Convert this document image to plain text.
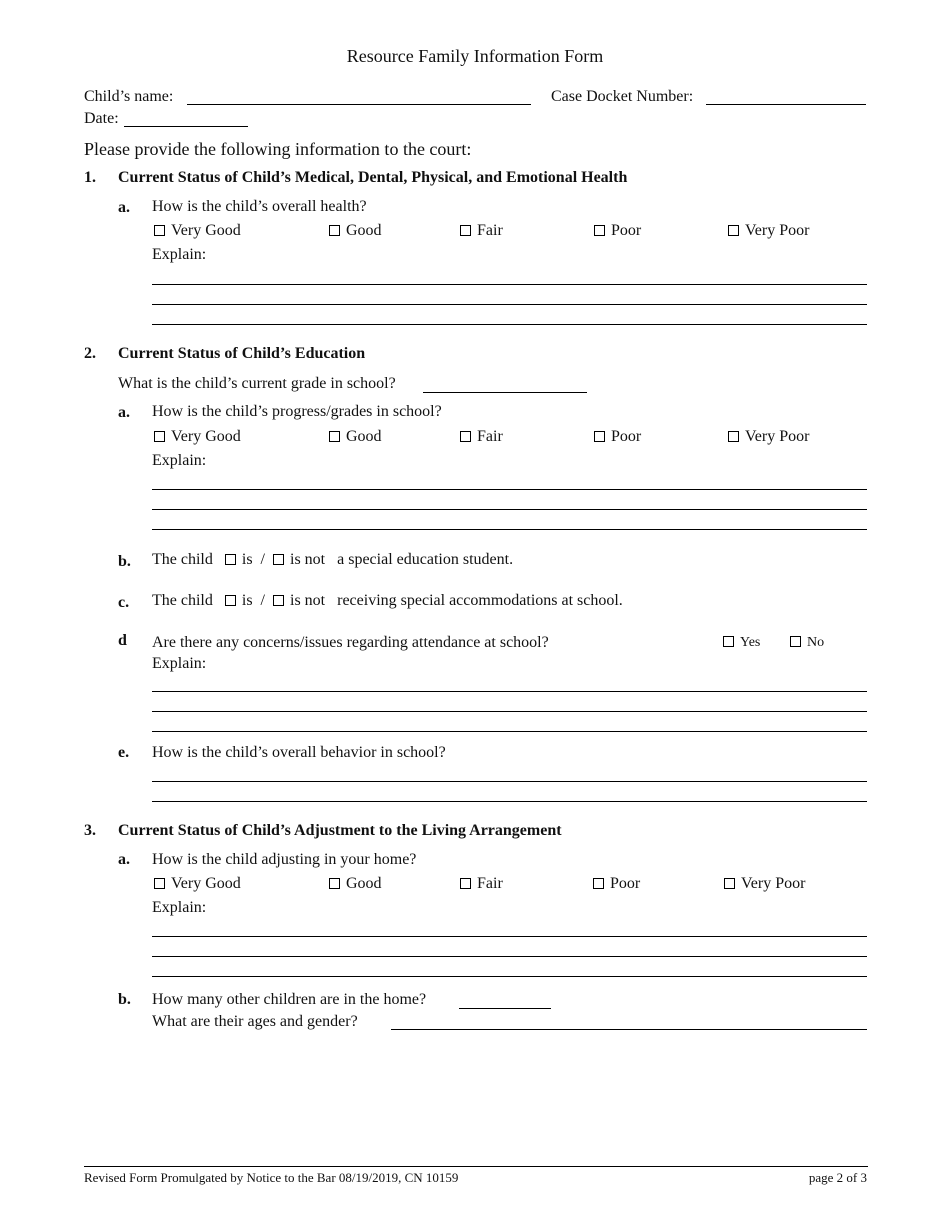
Resource Family Information Form
Child’s name:	Case Docket Number:
Date:
Please provide the following information to the court:
1. Current Status of Child’s Medical, Dental, Physical, and Emotional Health
a. How is the child’s overall health?
Very Good	Good	Fair	Poor	Very Poor
Explain:
2. Current Status of Child’s Education
What is the child’s current grade in school?
a. How is the child’s progress/grades in school?
Very Good	Good	Fair	Poor	Very Poor
Explain:
b. The child is / is not a special education student.
c. The child is / is not receiving special accommodations at school.
d Are there any concerns/issues regarding attendance at school?	Yes	No
Explain:
e. How is the child’s overall behavior in school?
3. Current Status of Child’s Adjustment to the Living Arrangement
a. How is the child adjusting in your home?
Very Good	Good	Fair	Poor	Very Poor
Explain:
b. How many other children are in the home?
What are their ages and gender?
Revised Form Promulgated by Notice to the Bar 08/19/2019, CN 10159	page 2 of 3
